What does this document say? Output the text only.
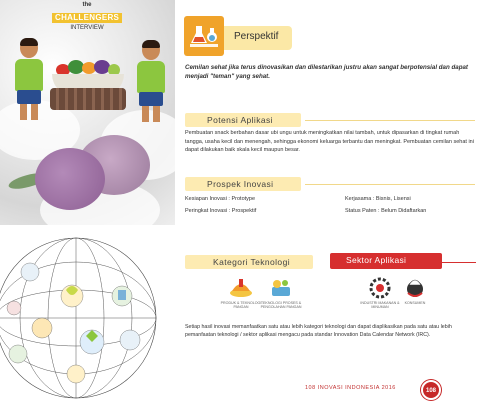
the
CHALLENGERS
INTERVIEW
Perspektif
Cemilan sehat jika terus dinovasikan dan dilestarikan justru akan sangat berpotensial dan dapat menjadi "teman" yang sehat.
Potensi Aplikasi
Pembuatan snack berbahan dasar ubi ungu untuk meningkatkan nilai tambah, untuk dipasarkan di tingkat rumah tangga, usaha kecil dan menengah, sehingga ekonomi keluarga terbantu dan meningkat. Pembuatan cemilan sehat ini dapat dilakukan baik skala kecil maupun besar.
Prospek Inovasi
Kesiapan Inovasi : Prototype
Peringkat Inovasi : Prospektif
Kerjasama : Bisnis, Lisensi
Status Paten : Belum Didaftarkan
Kategori Teknologi	Sektor Aplikasi
PRODUK & TEKNOLOGI PANGAN
TEKNOLOGI PROSES & PENGOLAHAN PANGAN
INDUSTRI MAKANAN & MINUMAN
KONSUMEN
Setiap hasil inovasi memanfaatkan satu atau lebih kategori teknologi dan dapat diaplikasikan pada satu atau lebih pemanfaatan teknologi / sektor aplikasi mengacu pada standar Innovation Data Calendar Network (IRC).
108 INOVASI INDONESIA 2016	108
